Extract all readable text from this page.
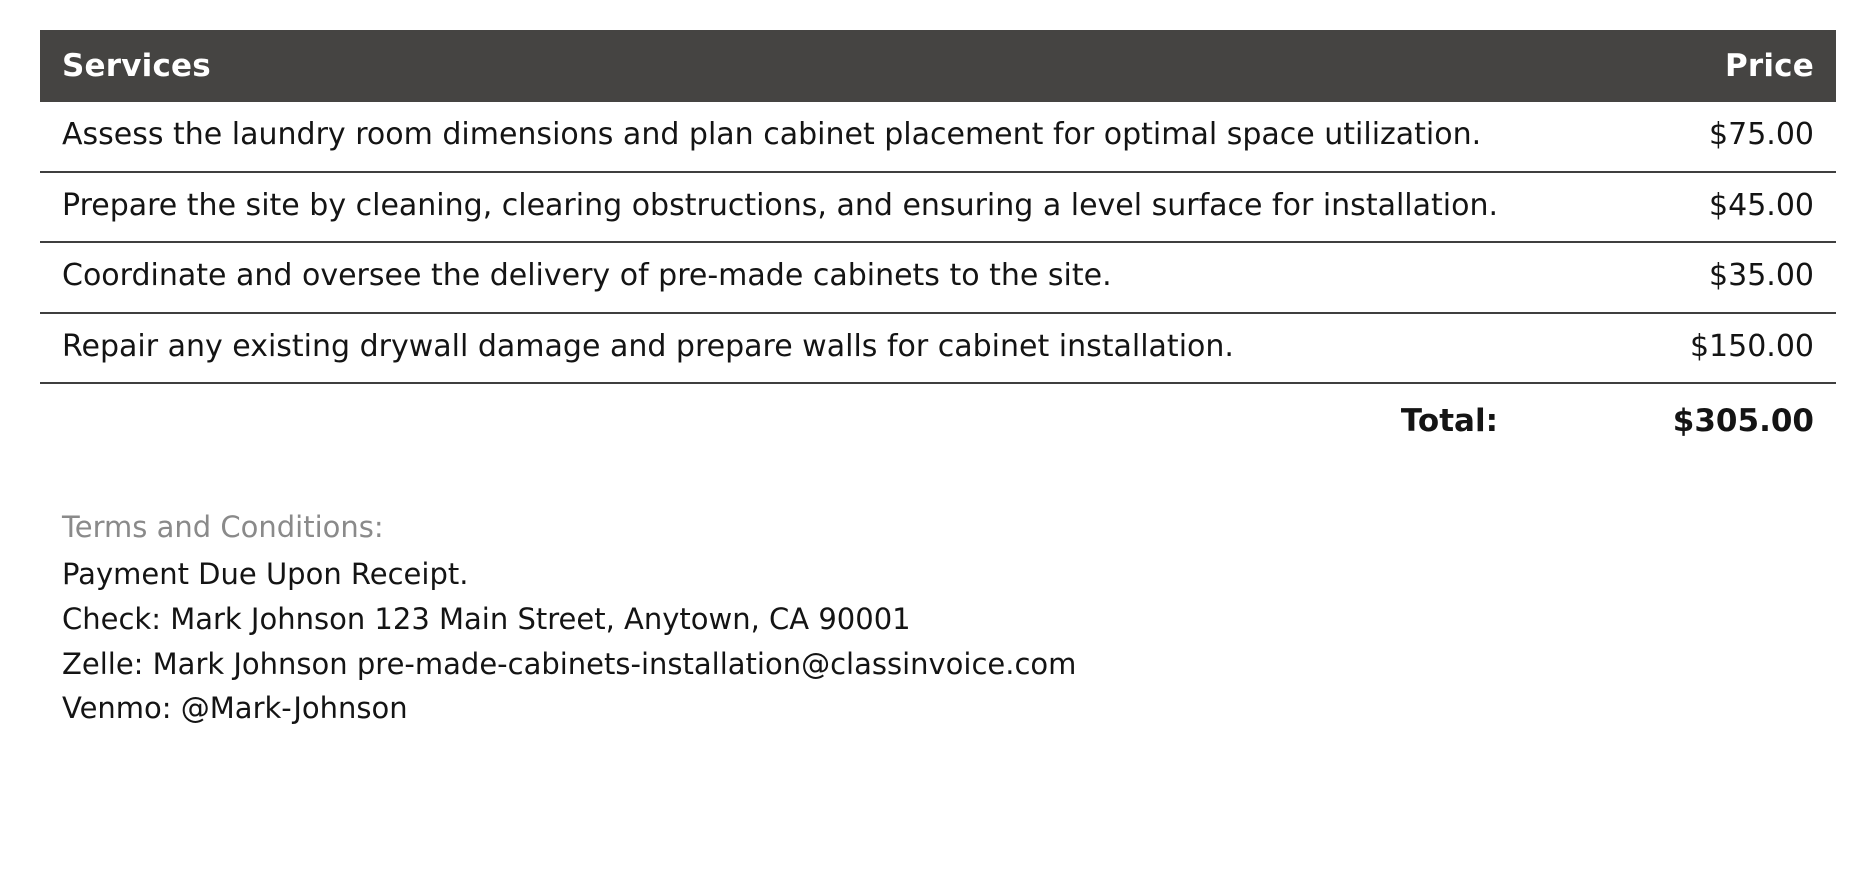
Services	Price
Assess the laundry room dimensions and plan cabinet placement for optimal space utilization.	$75.00
Prepare the site by cleaning, clearing obstructions, and ensuring a level surface for installation.	$45.00
Coordinate and oversee the delivery of pre-made cabinets to the site.	$35.00
Repair any existing drywall damage and prepare walls for cabinet installation.	$150.00
Total:	$305.00
Terms and Conditions:
Payment Due Upon Receipt.
Check: Mark Johnson 123 Main Street, Anytown, CA 90001
Zelle: Mark Johnson pre-made-cabinets-installation@classinvoice.com
Venmo: @Mark-Johnson
